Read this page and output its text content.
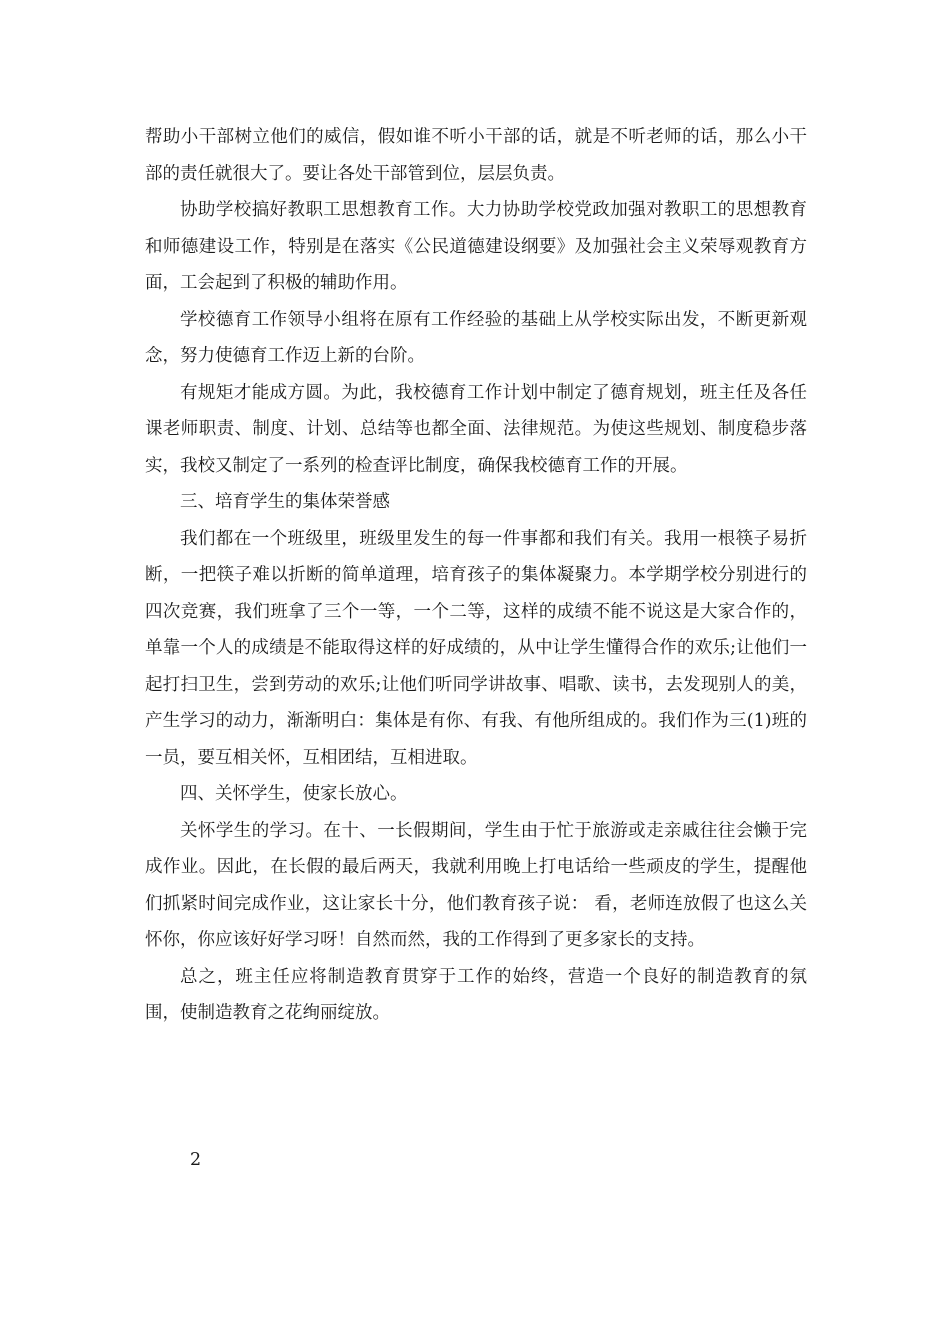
帮助小干部树立他们的威信，假如谁不听小干部的话，就是不听老师的话，那么小干部的责任就很大了。要让各处干部管到位，层层负责。

协助学校搞好教职工思想教育工作。大力协助学校党政加强对教职工的思想教育和师德建设工作，特别是在落实《公民道德建设纲要》及加强社会主义荣辱观教育方面，工会起到了积极的辅助作用。

学校德育工作领导小组将在原有工作经验的基础上从学校实际出发，不断更新观念，努力使德育工作迈上新的台阶。

有规矩才能成方圆。为此，我校德育工作计划中制定了德育规划，班主任及各任课老师职责、制度、计划、总结等也都全面、法律规范。为使这些规划、制度稳步落实，我校又制定了一系列的检查评比制度，确保我校德育工作的开展。

三、培育学生的集体荣誉感

我们都在一个班级里，班级里发生的每一件事都和我们有关。我用一根筷子易折断，一把筷子难以折断的简单道理，培育孩子的集体凝聚力。本学期学校分别进行的四次竞赛，我们班拿了三个一等，一个二等，这样的成绩不能不说这是大家合作的，单靠一个人的成绩是不能取得这样的好成绩的，从中让学生懂得合作的欢乐;让他们一起打扫卫生，尝到劳动的欢乐;让他们听同学讲故事、唱歌、读书，去发现别人的美，产生学习的动力，渐渐明白：集体是有你、有我、有他所组成的。我们作为三(1)班的一员，要互相关怀，互相团结，互相进取。

四、关怀学生，使家长放心。

关怀学生的学习。在十、一长假期间，学生由于忙于旅游或走亲戚往往会懒于完成作业。因此，在长假的最后两天，我就利用晚上打电话给一些顽皮的学生，提醒他们抓紧时间完成作业，这让家长十分，他们教育孩子说： 看，老师连放假了也这么关怀你，你应该好好学习呀！自然而然，我的工作得到了更多家长的支持。

总之，班主任应将制造教育贯穿于工作的始终，营造一个良好的制造教育的氛围，使制造教育之花绚丽绽放。

2
